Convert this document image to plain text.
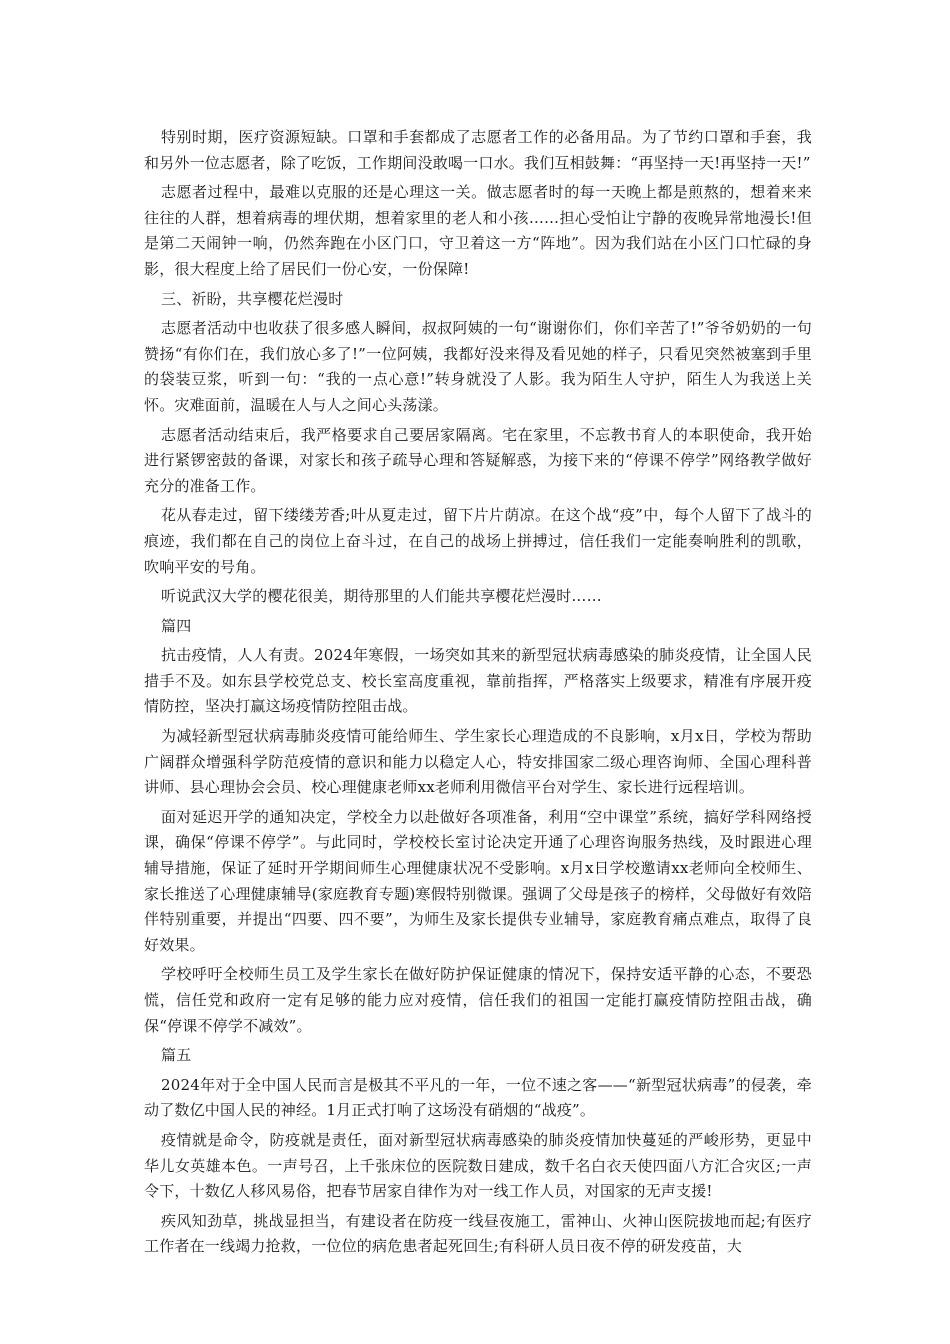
特别时期，医疗资源短缺。口罩和手套都成了志愿者工作的必备用品。为了节约口罩和手套，我和另外一位志愿者，除了吃饭，工作期间没敢喝一口水。我们互相鼓舞：“再坚持一天!再坚持一天!”

志愿者过程中，最难以克服的还是心理这一关。做志愿者时的每一天晚上都是煎熬的，想着来来往往的人群，想着病毒的埋伏期，想着家里的老人和小孩……担心受怕让宁静的夜晚异常地漫长!但是第二天闹钟一响，仍然奔跑在小区门口，守卫着这一方“阵地”。因为我们站在小区门口忙碌的身影，很大程度上给了居民们一份心安，一份保障!

三、祈盼，共享樱花烂漫时

志愿者活动中也收获了很多感人瞬间，叔叔阿姨的一句“谢谢你们，你们辛苦了!”爷爷奶奶的一句赞扬“有你们在，我们放心多了!”一位阿姨，我都好没来得及看见她的样子，只看见突然被塞到手里的袋装豆浆，听到一句：“我的一点心意!”转身就没了人影。我为陌生人守护，陌生人为我送上关怀。灾难面前，温暖在人与人之间心头荡漾。

志愿者活动结束后，我严格要求自己要居家隔离。宅在家里，不忘教书育人的本职使命，我开始进行紧锣密鼓的备课，对家长和孩子疏导心理和答疑解惑，为接下来的“停课不停学”网络教学做好充分的准备工作。

花从春走过，留下缕缕芳香;叶从夏走过，留下片片荫凉。在这个战“疫”中，每个人留下了战斗的痕迹，我们都在自己的岗位上奋斗过，在自己的战场上拼搏过，信任我们一定能奏响胜利的凯歌，吹响平安的号角。

听说武汉大学的樱花很美，期待那里的人们能共享樱花烂漫时……

篇四

抗击疫情，人人有责。2024年寒假，一场突如其来的新型冠状病毒感染的肺炎疫情，让全国人民措手不及。如东县学校党总支、校长室高度重视，靠前指挥，严格落实上级要求，精准有序展开疫情防控，坚决打赢这场疫情防控阻击战。

为减轻新型冠状病毒肺炎疫情可能给师生、学生家长心理造成的不良影响，x月x日，学校为帮助广阔群众增强科学防范疫情的意识和能力以稳定人心，特安排国家二级心理咨询师、全国心理科普讲师、县心理协会会员、校心理健康老师xx老师利用微信平台对学生、家长进行远程培训。

面对延迟开学的通知决定，学校全力以赴做好各项准备，利用“空中课堂”系统，搞好学科网络授课，确保“停课不停学”。与此同时，学校校长室讨论决定开通了心理咨询服务热线，及时跟进心理辅导措施，保证了延时开学期间师生心理健康状况不受影响。x月x日学校邀请xx老师向全校师生、家长推送了心理健康辅导(家庭教育专题)寒假特别微课。强调了父母是孩子的榜样，父母做好有效陪伴特别重要，并提出“四要、四不要”，为师生及家长提供专业辅导，家庭教育痛点难点，取得了良好效果。

学校呼吁全校师生员工及学生家长在做好防护保证健康的情况下，保持安适平静的心态，不要恐慌，信任党和政府一定有足够的能力应对疫情，信任我们的祖国一定能打赢疫情防控阻击战，确保“停课不停学不减效”。

篇五

2024年对于全中国人民而言是极其不平凡的一年，一位不速之客——“新型冠状病毒”的侵袭，牵动了数亿中国人民的神经。1月正式打响了这场没有硝烟的“战疫”。

疫情就是命令，防疫就是责任，面对新型冠状病毒感染的肺炎疫情加快蔓延的严峻形势，更显中华儿女英雄本色。一声号召，上千张床位的医院数日建成，数千名白衣天使四面八方汇合灾区;一声令下，十数亿人移风易俗，把春节居家自律作为对一线工作人员，对国家的无声支援!

疾风知劲草，挑战显担当，有建设者在防疫一线昼夜施工，雷神山、火神山医院拔地而起;有医疗工作者在一线竭力抢救，一位位的病危患者起死回生;有科研人员日夜不停的研发疫苗，大
